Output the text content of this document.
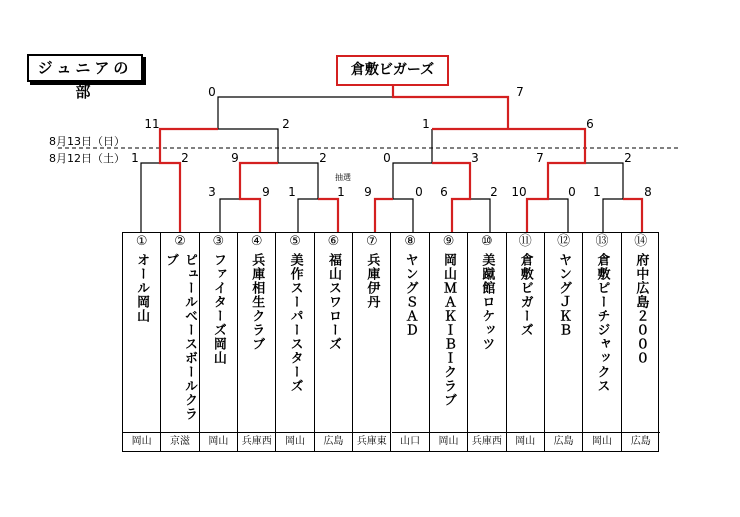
ジュニアの部
倉敷ビガーズ
8月13日（日）
8月12日（土）
抽選
0	7
11	2	1	6
1	2	9	2	0	3	7	2
3	9	1	1	9	0	6	2	10	0	1	8
①
オール岡山
岡山
②
ピュールベースボールクラブ
京滋
③
ファイターズ岡山
岡山
④
兵庫相生クラブ
兵庫西
⑤
美作スーパースターズ
岡山
⑥
福山スワローズ
広島
⑦
兵庫伊丹
兵庫東
⑧
ヤングＳＡＤ
山口
⑨
岡山ＭＡＫＩＢＩクラブ
岡山
⑩
美蹴館ロケッツ
兵庫西
⑪
倉敷ビガーズ
岡山
⑫
ヤングＪＫＢ
広島
⑬
倉敷ピーチジャックス
岡山
⑭
府中広島２０００
広島
